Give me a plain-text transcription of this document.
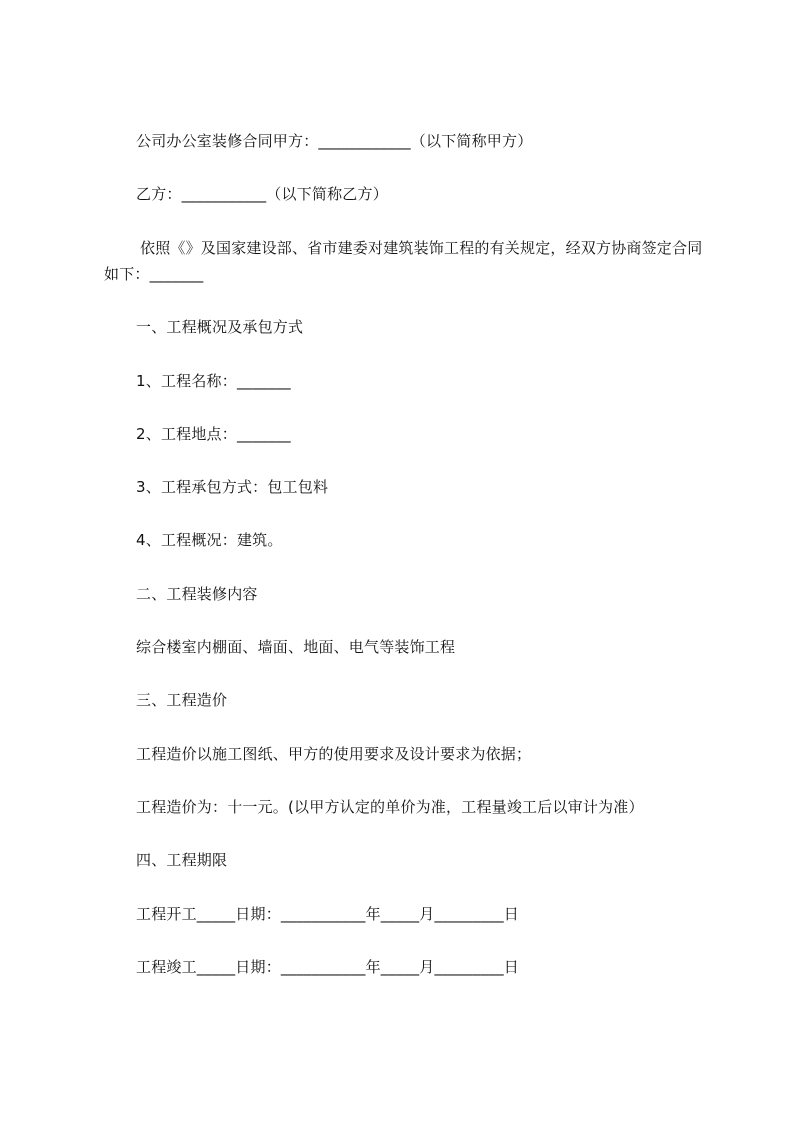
公司办公室装修合同甲方：____________（以下简称甲方）
乙方：___________（以下简称乙方）
依照《》及国家建设部、省市建委对建筑装饰工程的有关规定，经双方协商签定合同如下：_______
一、工程概况及承包方式
1、工程名称：_______
2、工程地点：_______
3、工程承包方式：包工包料
4、工程概况：建筑。
二、工程装修内容
综合楼室内棚面、墙面、地面、电气等装饰工程
三、工程造价
工程造价以施工图纸、甲方的使用要求及设计要求为依据；
工程造价为：十一元。(以甲方认定的单价为准，工程量竣工后以审计为准）
四、工程期限
工程开工_____日期：___________年_____月_________日
工程竣工_____日期：___________年_____月_________日
